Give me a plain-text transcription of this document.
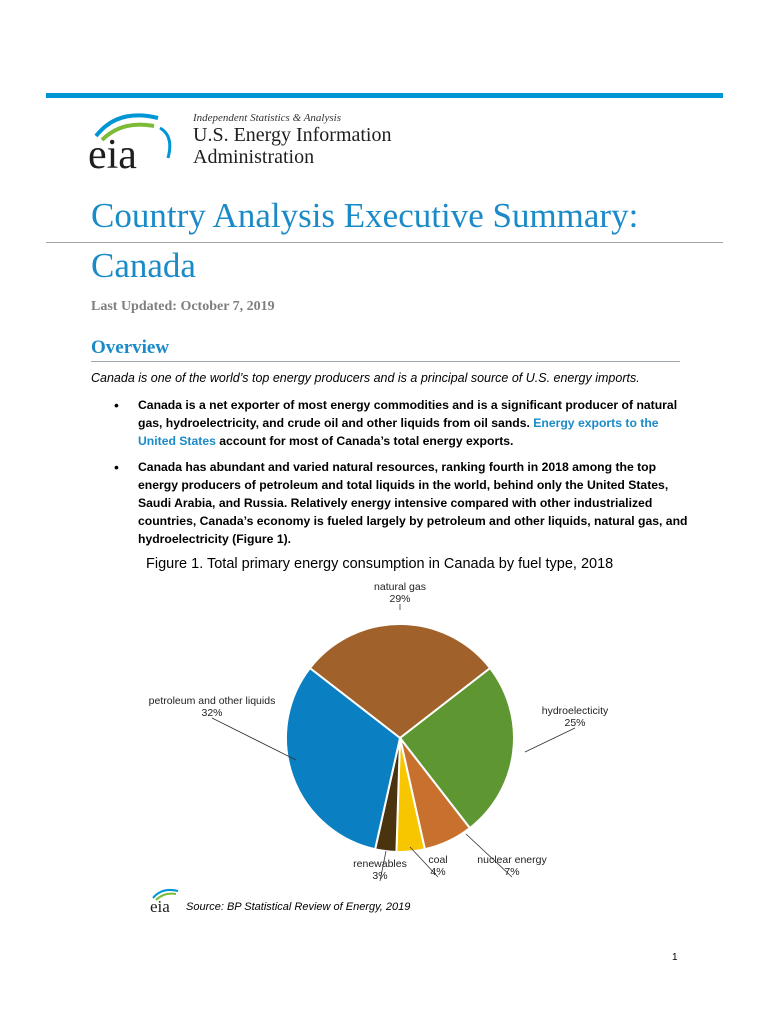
eia
Independent Statistics & Analysis
U.S. Energy Information
Administration
Country Analysis Executive Summary:
Canada
Last Updated: October 7, 2019
Overview
Canada is one of the world’s top energy producers and is a principal source of U.S. energy imports.
• Canada is a net exporter of most energy commodities and is a significant producer of natural gas, hydroelectricity, and crude oil and other liquids from oil sands. Energy exports to the United States account for most of Canada’s total energy exports.
• Canada has abundant and varied natural resources, ranking fourth in 2018 among the top energy producers of petroleum and total liquids in the world, behind only the United States, Saudi Arabia, and Russia. Relatively energy intensive compared with other industrialized countries, Canada’s economy is fueled largely by petroleum and other liquids, natural gas, and hydroelectricity (Figure 1).
Figure 1. Total primary energy consumption in Canada by fuel type, 2018
natural gas
29%
hydroelecticity
25%
nuclear energy
7%
coal
4%
renewables
3%
petroleum and other liquids
32%
eia Source: BP Statistical Review of Energy, 2019
1
